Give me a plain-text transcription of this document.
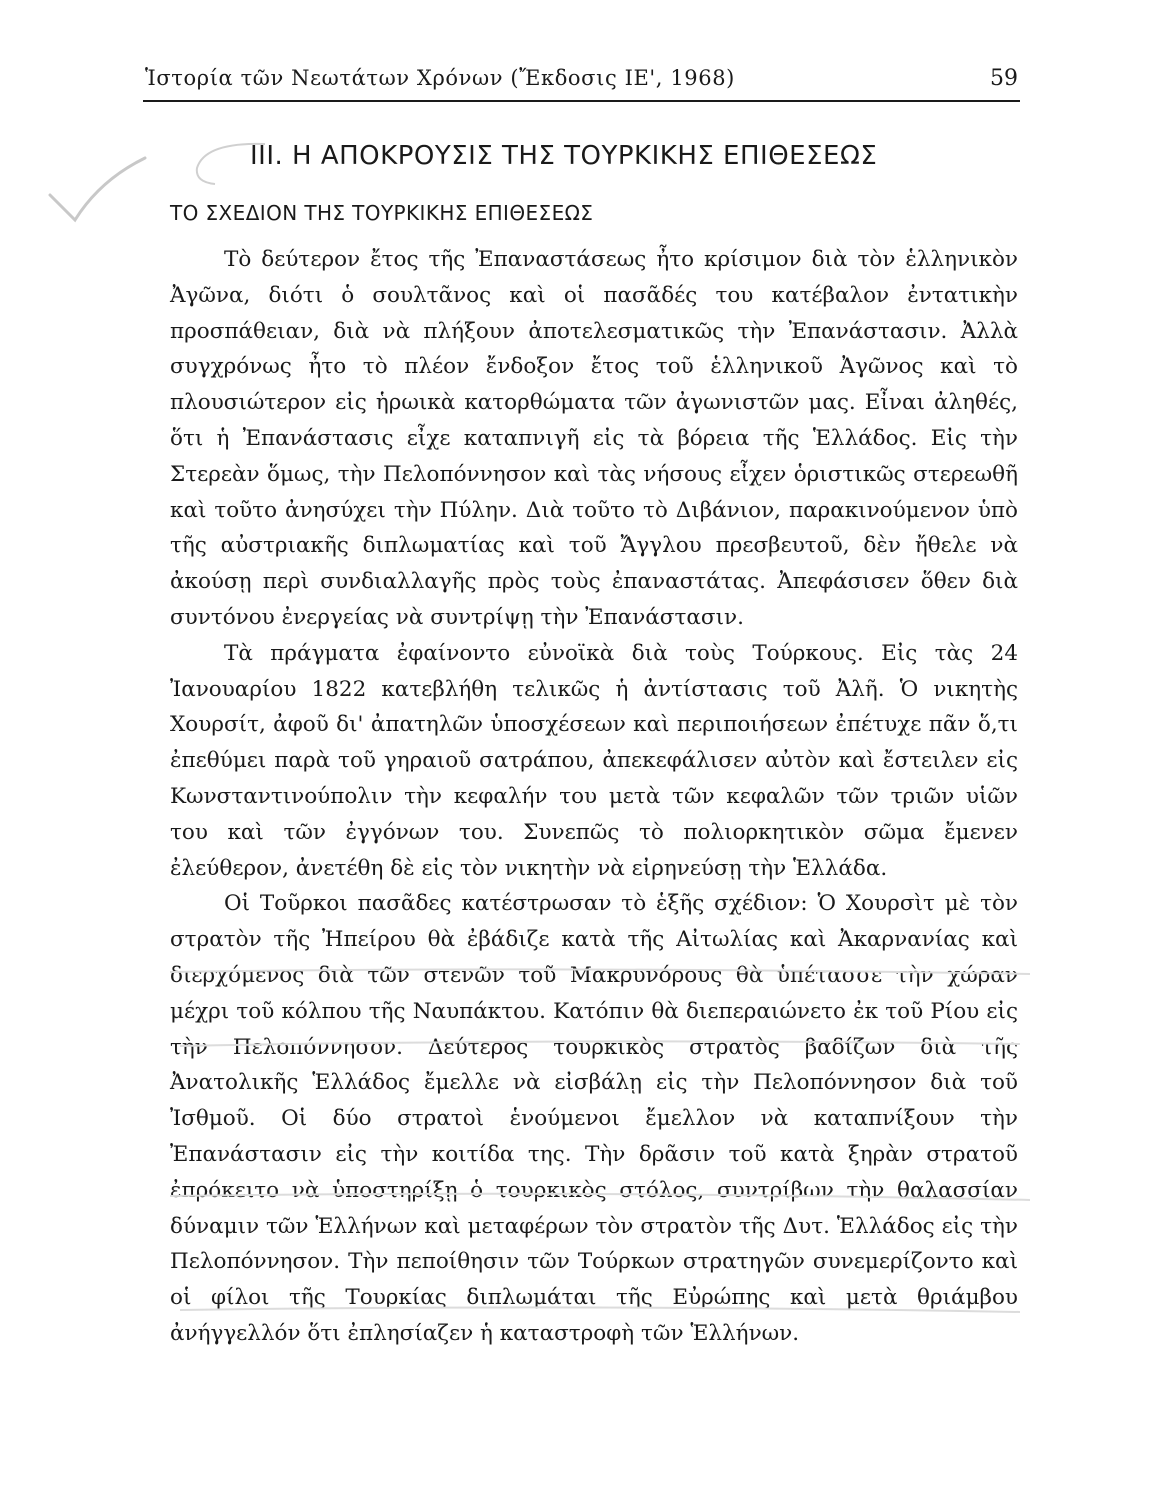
Ἱστορία τῶν Νεωτάτων Χρόνων (Ἔκδοσις ΙΕ', 1968)	59
III. Η ΑΠΟΚΡΟΥΣΙΣ ΤΗΣ ΤΟΥΡΚΙΚΗΣ ΕΠΙΘΕΣΕΩΣ
ΤΟ ΣΧΕΔΙΟΝ ΤΗΣ ΤΟΥΡΚΙΚΗΣ ΕΠΙΘΕΣΕΩΣ

Τὸ δεύτερον ἔτος τῆς Ἐπαναστάσεως ἦτο κρίσιμον διὰ τὸν ἑλληνικὸν Ἀγῶνα, διότι ὁ σουλτᾶνος καὶ οἱ πασᾶδές του κατέβαλον ἐντατικὴν προσπάθειαν, διὰ νὰ πλήξουν ἀποτελεσματικῶς τὴν Ἐπανάστασιν. Ἀλλὰ συγχρόνως ἦτο τὸ πλέον ἔνδοξον ἔτος τοῦ ἑλληνικοῦ Ἀγῶνος καὶ τὸ πλουσιώτερον εἰς ἡρωικὰ κατορθώματα τῶν ἀγωνιστῶν μας. Εἶναι ἀληθές, ὅτι ἡ Ἐπανάστασις εἶχε καταπνιγῆ εἰς τὰ βόρεια τῆς Ἑλλάδος. Εἰς τὴν Στερεὰν ὅμως, τὴν Πελοπόννησον καὶ τὰς νήσους εἶχεν ὁριστικῶς στερεωθῆ καὶ τοῦτο ἀνησύχει τὴν Πύλην. Διὰ τοῦτο τὸ Διβάνιον, παρακινούμενον ὑπὸ τῆς αὐστριακῆς διπλωματίας καὶ τοῦ Ἄγγλου πρεσβευτοῦ, δὲν ἤθελε νὰ ἀκούσῃ περὶ συνδιαλλαγῆς πρὸς τοὺς ἐπαναστάτας. Ἀπεφάσισεν ὅθεν διὰ συντόνου ἐνεργείας νὰ συντρίψῃ τὴν Ἐπανάστασιν.

Τὰ πράγματα ἐφαίνοντο εὐνοϊκὰ διὰ τοὺς Τούρκους. Εἰς τὰς 24 Ἰανουαρίου 1822 κατεβλήθη τελικῶς ἡ ἀντίστασις τοῦ Ἀλῆ. Ὁ νικητὴς Χουρσίτ, ἀφοῦ δι' ἀπατηλῶν ὑποσχέσεων καὶ περιποιήσεων ἐπέτυχε πᾶν ὅ,τι ἐπεθύμει παρὰ τοῦ γηραιοῦ σατράπου, ἀπεκεφάλισεν αὐτὸν καὶ ἔστειλεν εἰς Κωνσταντινούπολιν τὴν κεφαλήν του μετὰ τῶν κεφαλῶν τῶν τριῶν υἱῶν του καὶ τῶν ἐγγόνων του. Συνεπῶς τὸ πολιορκητικὸν σῶμα ἔμενεν ἐλεύθερον, ἀνετέθη δὲ εἰς τὸν νικητὴν νὰ εἰρηνεύσῃ τὴν Ἑλλάδα.

Οἱ Τοῦρκοι πασᾶδες κατέστρωσαν τὸ ἑξῆς σχέδιον: Ὁ Χουρσὶτ μὲ τὸν στρατὸν τῆς Ἠπείρου θὰ ἐβάδιζε κατὰ τῆς Αἰτωλίας καὶ Ἀκαρνανίας καὶ διερχόμενος διὰ τῶν στενῶν τοῦ Μακρυνόρους θὰ ὑπέτασσε τὴν χώραν μέχρι τοῦ κόλπου τῆς Ναυπάκτου. Κατόπιν θὰ διεπεραιώνετο ἐκ τοῦ Ρίου εἰς τὴν Πελοπόννησον. Δεύτερος τουρκικὸς στρατὸς βαδίζων διὰ τῆς Ἀνατολικῆς Ἑλλάδος ἔμελλε νὰ εἰσβάλῃ εἰς τὴν Πελοπόννησον διὰ τοῦ Ἰσθμοῦ. Οἱ δύο στρατοὶ ἑνούμενοι ἔμελλον νὰ καταπνίξουν τὴν Ἐπανάστασιν εἰς τὴν κοιτίδα της. Τὴν δρᾶσιν τοῦ κατὰ ξηρὰν στρατοῦ ἐπρόκειτο νὰ ὑποστηρίξῃ ὁ τουρκικὸς στόλος, συντρίβων τὴν θαλασσίαν δύναμιν τῶν Ἑλλήνων καὶ μεταφέρων τὸν στρατὸν τῆς Δυτ. Ἑλλάδος εἰς τὴν Πελοπόννησον. Τὴν πεποίθησιν τῶν Τούρκων στρατηγῶν συνεμερίζοντο καὶ οἱ φίλοι τῆς Τουρκίας διπλωμάται τῆς Εὐρώπης καὶ μετὰ θριάμβου ἀνήγγελλόν ὅτι ἐπλησίαζεν ἡ καταστροφὴ τῶν Ἑλλήνων.
